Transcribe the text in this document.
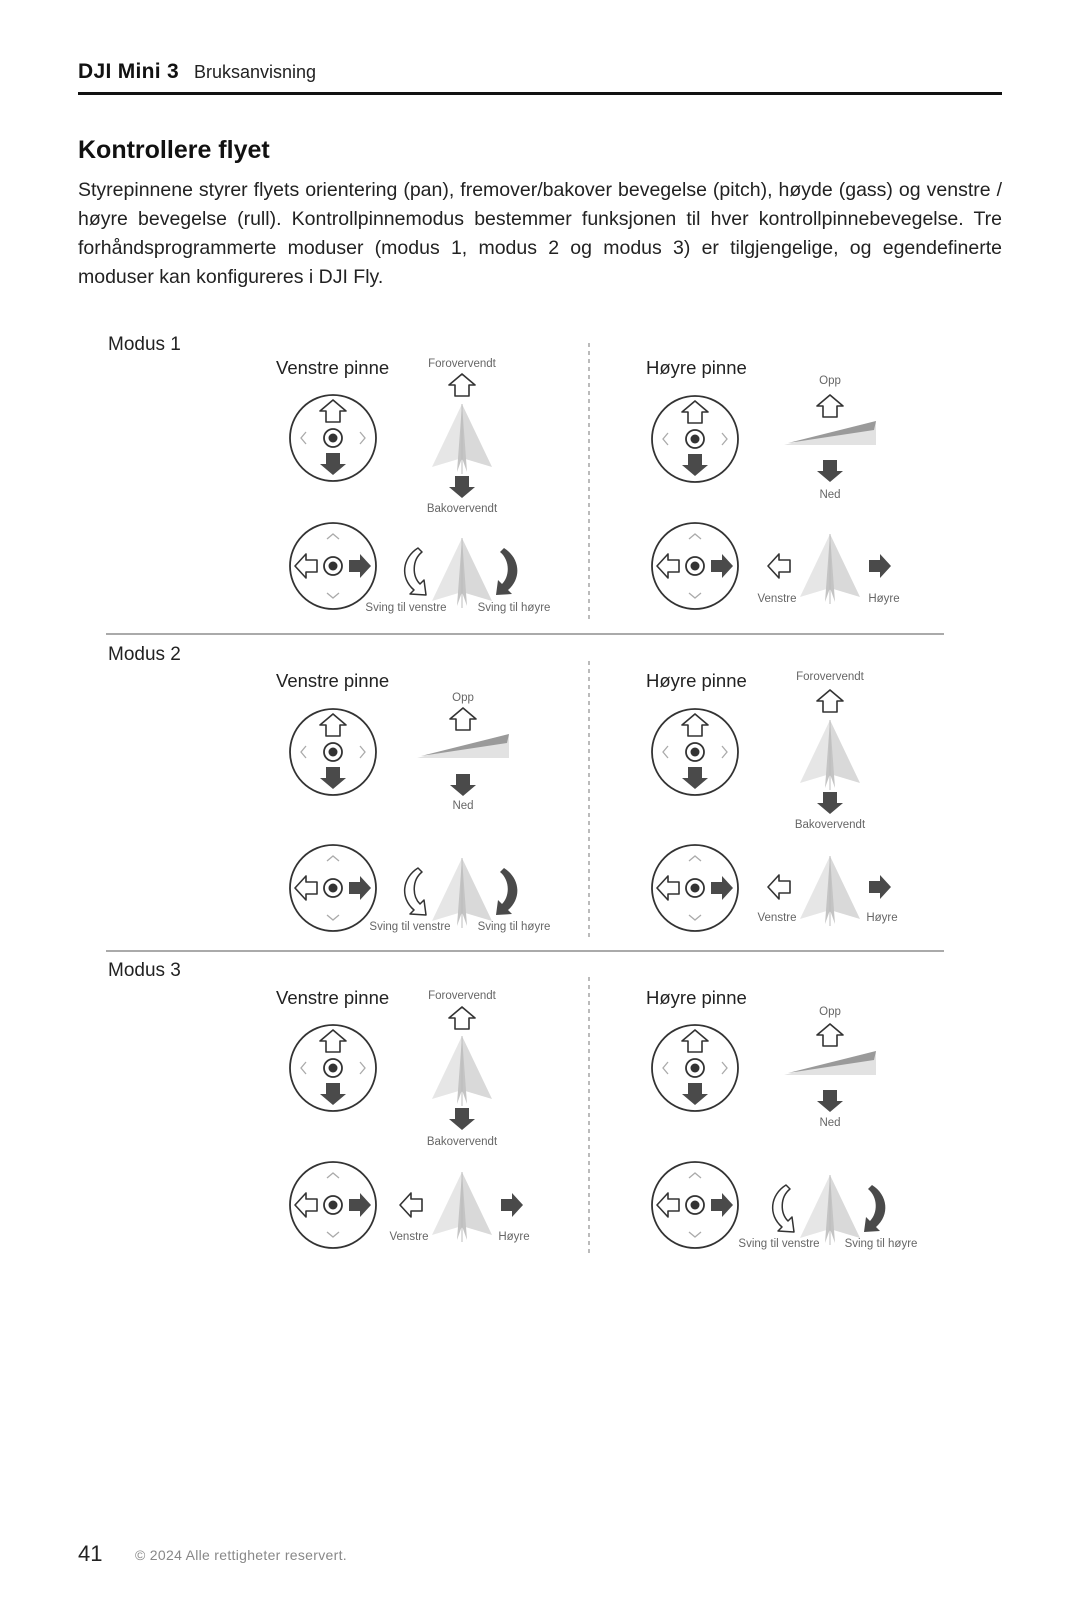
DJI Mini 3 Bruksanvisning
Kontrollere flyet

Styrepinnene styrer flyets orientering (pan), fremover/bakover bevegelse (pitch), høyde (gass) og venstre / høyre bevegelse (rull). Kontrollpinnemodus bestemmer funksjonen til hver kontrollpinnebevegelse. Tre forhåndsprogrammerte moduser (modus 1, modus 2 og modus 3) er tilgjengelige, og egendefinerte moduser kan konfigureres i DJI Fly.

Modus 1
Venstre pinne	Høyre pinne
Forovervendt
Bakovervendt
Sving til venstre	Sving til høyre
Opp
Ned
Venstre	Høyre
Modus 2
Venstre pinne	Høyre pinne
Opp
Ned
Sving til venstre Sving til høyre
Forovervendt
Bakovervendt
Venstre	Høyre
Modus 3
Venstre pinne	Høyre pinne
Forovervendt
Bakovervendt
Venstre	Høyre
Opp
Ned
Sving til venstre Sving til høyre
41 © 2024 Alle rettigheter reservert.
